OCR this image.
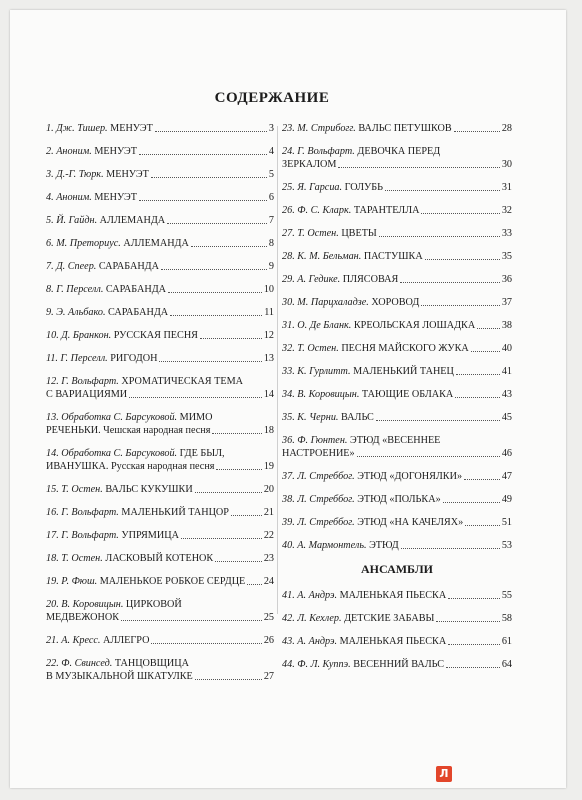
СОДЕРЖАНИЕ
1. Дж. Тишер. МЕНУЭТ	3
2. Аноним. МЕНУЭТ	4
3. Д.-Г. Тюрк. МЕНУЭТ	5
4. Аноним. МЕНУЭТ	6
5. Й. Гайдн. АЛЛЕМАНДА	7
6. М. Преториус. АЛЛЕМАНДА	8
7. Д. Спеер. САРАБАНДА	9
8. Г. Перселл. САРАБАНДА	10
9. Э. Альбако. САРАБАНДА	11
10. Д. Бранкон. РУССКАЯ ПЕСНЯ	12
11. Г. Перселл. РИГОДОН	13
12. Г. Вольфарт. ХРОМАТИЧЕСКАЯ ТЕМА
С ВАРИАЦИЯМИ	14
13. Обработка С. Барсуковой. МИМО
РЕЧЕНЬКИ. Чешская народная песня	18
14. Обработка С. Барсуковой. ГДЕ БЫЛ,
ИВАНУШКА. Русская народная песня	19
15. Т. Остен. ВАЛЬС КУКУШКИ	20
16. Г. Вольфарт. МАЛЕНЬКИЙ ТАНЦОР	21
17. Г. Вольфарт. УПРЯМИЦА	22
18. Т. Остен. ЛАСКОВЫЙ КОТЕНОК	23
19. Р. Фюш. МАЛЕНЬКОЕ РОБКОЕ СЕРДЦЕ 24
20. В. Коровицын. ЦИРКОВОЙ
МЕДВЕЖОНОК	25
21. А. Кресс. АЛЛЕГРО	26
22. Ф. Свинсед. ТАНЦОВЩИЦА
В МУЗЫКАЛЬНОЙ ШКАТУЛКЕ	27
23. М. Стрибогг. ВАЛЬС ПЕТУШКОВ	28
24. Г. Вольфарт. ДЕВОЧКА ПЕРЕД
ЗЕРКАЛОМ	30
25. Я. Гарсиа. ГОЛУБЬ	31
26. Ф. С. Кларк. ТАРАНТЕЛЛА	32
27. Т. Остен. ЦВЕТЫ	33
28. К. М. Бельман. ПАСТУШКА	35
29. А. Гедике. ПЛЯСОВАЯ	36
30. М. Парцхаладзе. ХОРОВОД	37
31. О. Де Бланк. КРЕОЛЬСКАЯ ЛОШАДКА	38
32. Т. Остен. ПЕСНЯ МАЙСКОГО ЖУКА	40
33. К. Гурлитт. МАЛЕНЬКИЙ ТАНЕЦ	41
34. В. Коровицын. ТАЮЩИЕ ОБЛАКА	43
35. К. Черни. ВАЛЬС	45
36. Ф. Гюнтен. ЭТЮД «ВЕСЕННЕЕ
НАСТРОЕНИЕ»	46
37. Л. Стреббог. ЭТЮД «ДОГОНЯЛКИ»	47
38. Л. Стреббог. ЭТЮД «ПОЛЬКА»	49
39. Л. Стреббог. ЭТЮД «НА КАЧЕЛЯХ»	51
40. А. Мармонтель. ЭТЮД	53
АНСАМБЛИ
41. А. Андрэ. МАЛЕНЬКАЯ ПЬЕСКА	55
42. Л. Кехлер. ДЕТСКИЕ ЗАБАВЫ	58
43. А. Андрэ. МАЛЕНЬКАЯ ПЬЕСКА	61
44. Ф. Л. Куппэ. ВЕСЕННИЙ ВАЛЬС	64
Л
